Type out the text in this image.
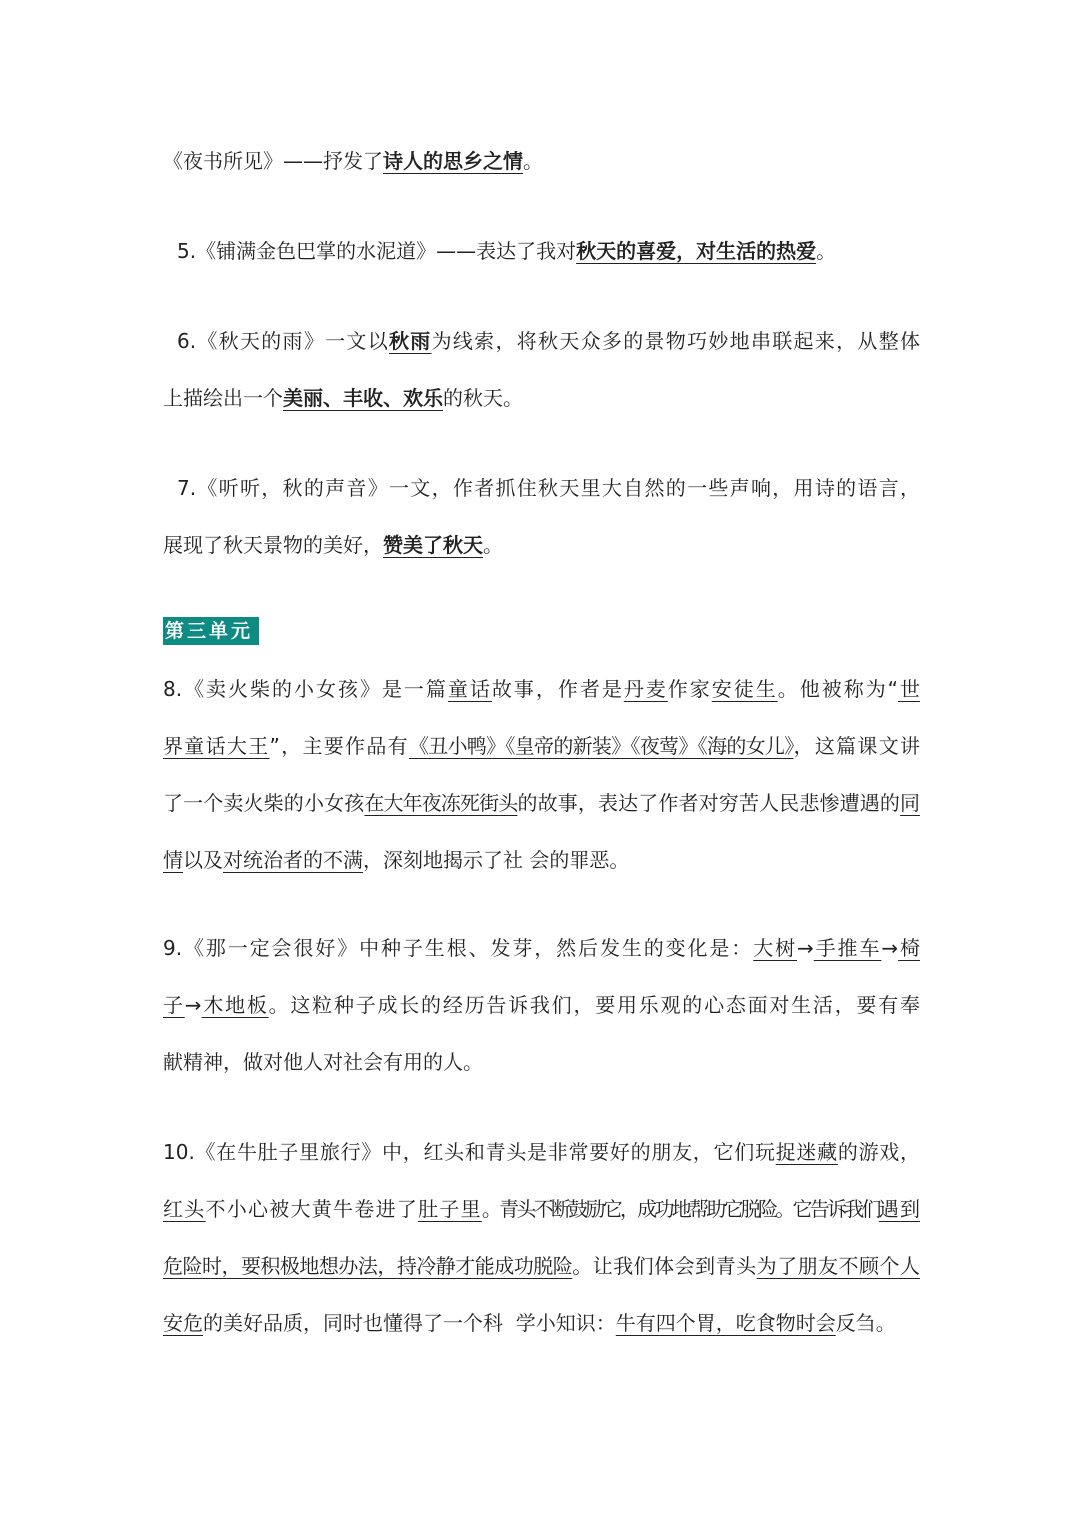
《夜书所见》——抒发了诗人的思乡之情。
5.《铺满金色巴掌的水泥道》——表达了我对秋天的喜爱，对生活的热爱。
6.《秋天的雨》一文以秋雨为线索，将秋天众多的景物巧妙地串联起来，从整体
上描绘出一个美丽、丰收、欢乐的秋天。
7.《听听，秋的声音》一文，作者抓住秋天里大自然的一些声响，用诗的语言，
展现了秋天景物的美好，赞美了秋天。
第三单元
8.《卖火柴的小女孩》是一篇童话故事，作者是丹麦作家安徒生。他被称为“世
界童话大王”，主要作品有《丑小鸭》《皇帝的新装》《夜莺》《海的女儿》，这篇课文讲
了一个卖火柴的小女孩在大年夜冻死街头的故事，表达了作者对穷苦人民悲惨遭遇的同
情以及对统治者的不满，深刻地揭示了社 会的罪恶。
9.《那一定会很好》中种子生根、发芽，然后发生的变化是：大树→手推车→椅
子→木地板。这粒种子成长的经历告诉我们，要用乐观的心态面对生活，要有奉
献精神，做对他人对社会有用的人。
10.《在牛肚子里旅行》中，红头和青头是非常要好的朋友，它们玩捉迷藏的游戏，
红头不小心被大黄牛卷进了肚子里。青头不断鼓励它，成功地帮助它脱险。它告诉我们遇到
危险时，要积极地想办法，持冷静才能成功脱险。让我们体会到青头为了朋友不顾个人
安危的美好品质，同时也懂得了一个科  学小知识：牛有四个胃，吃食物时会反刍。
